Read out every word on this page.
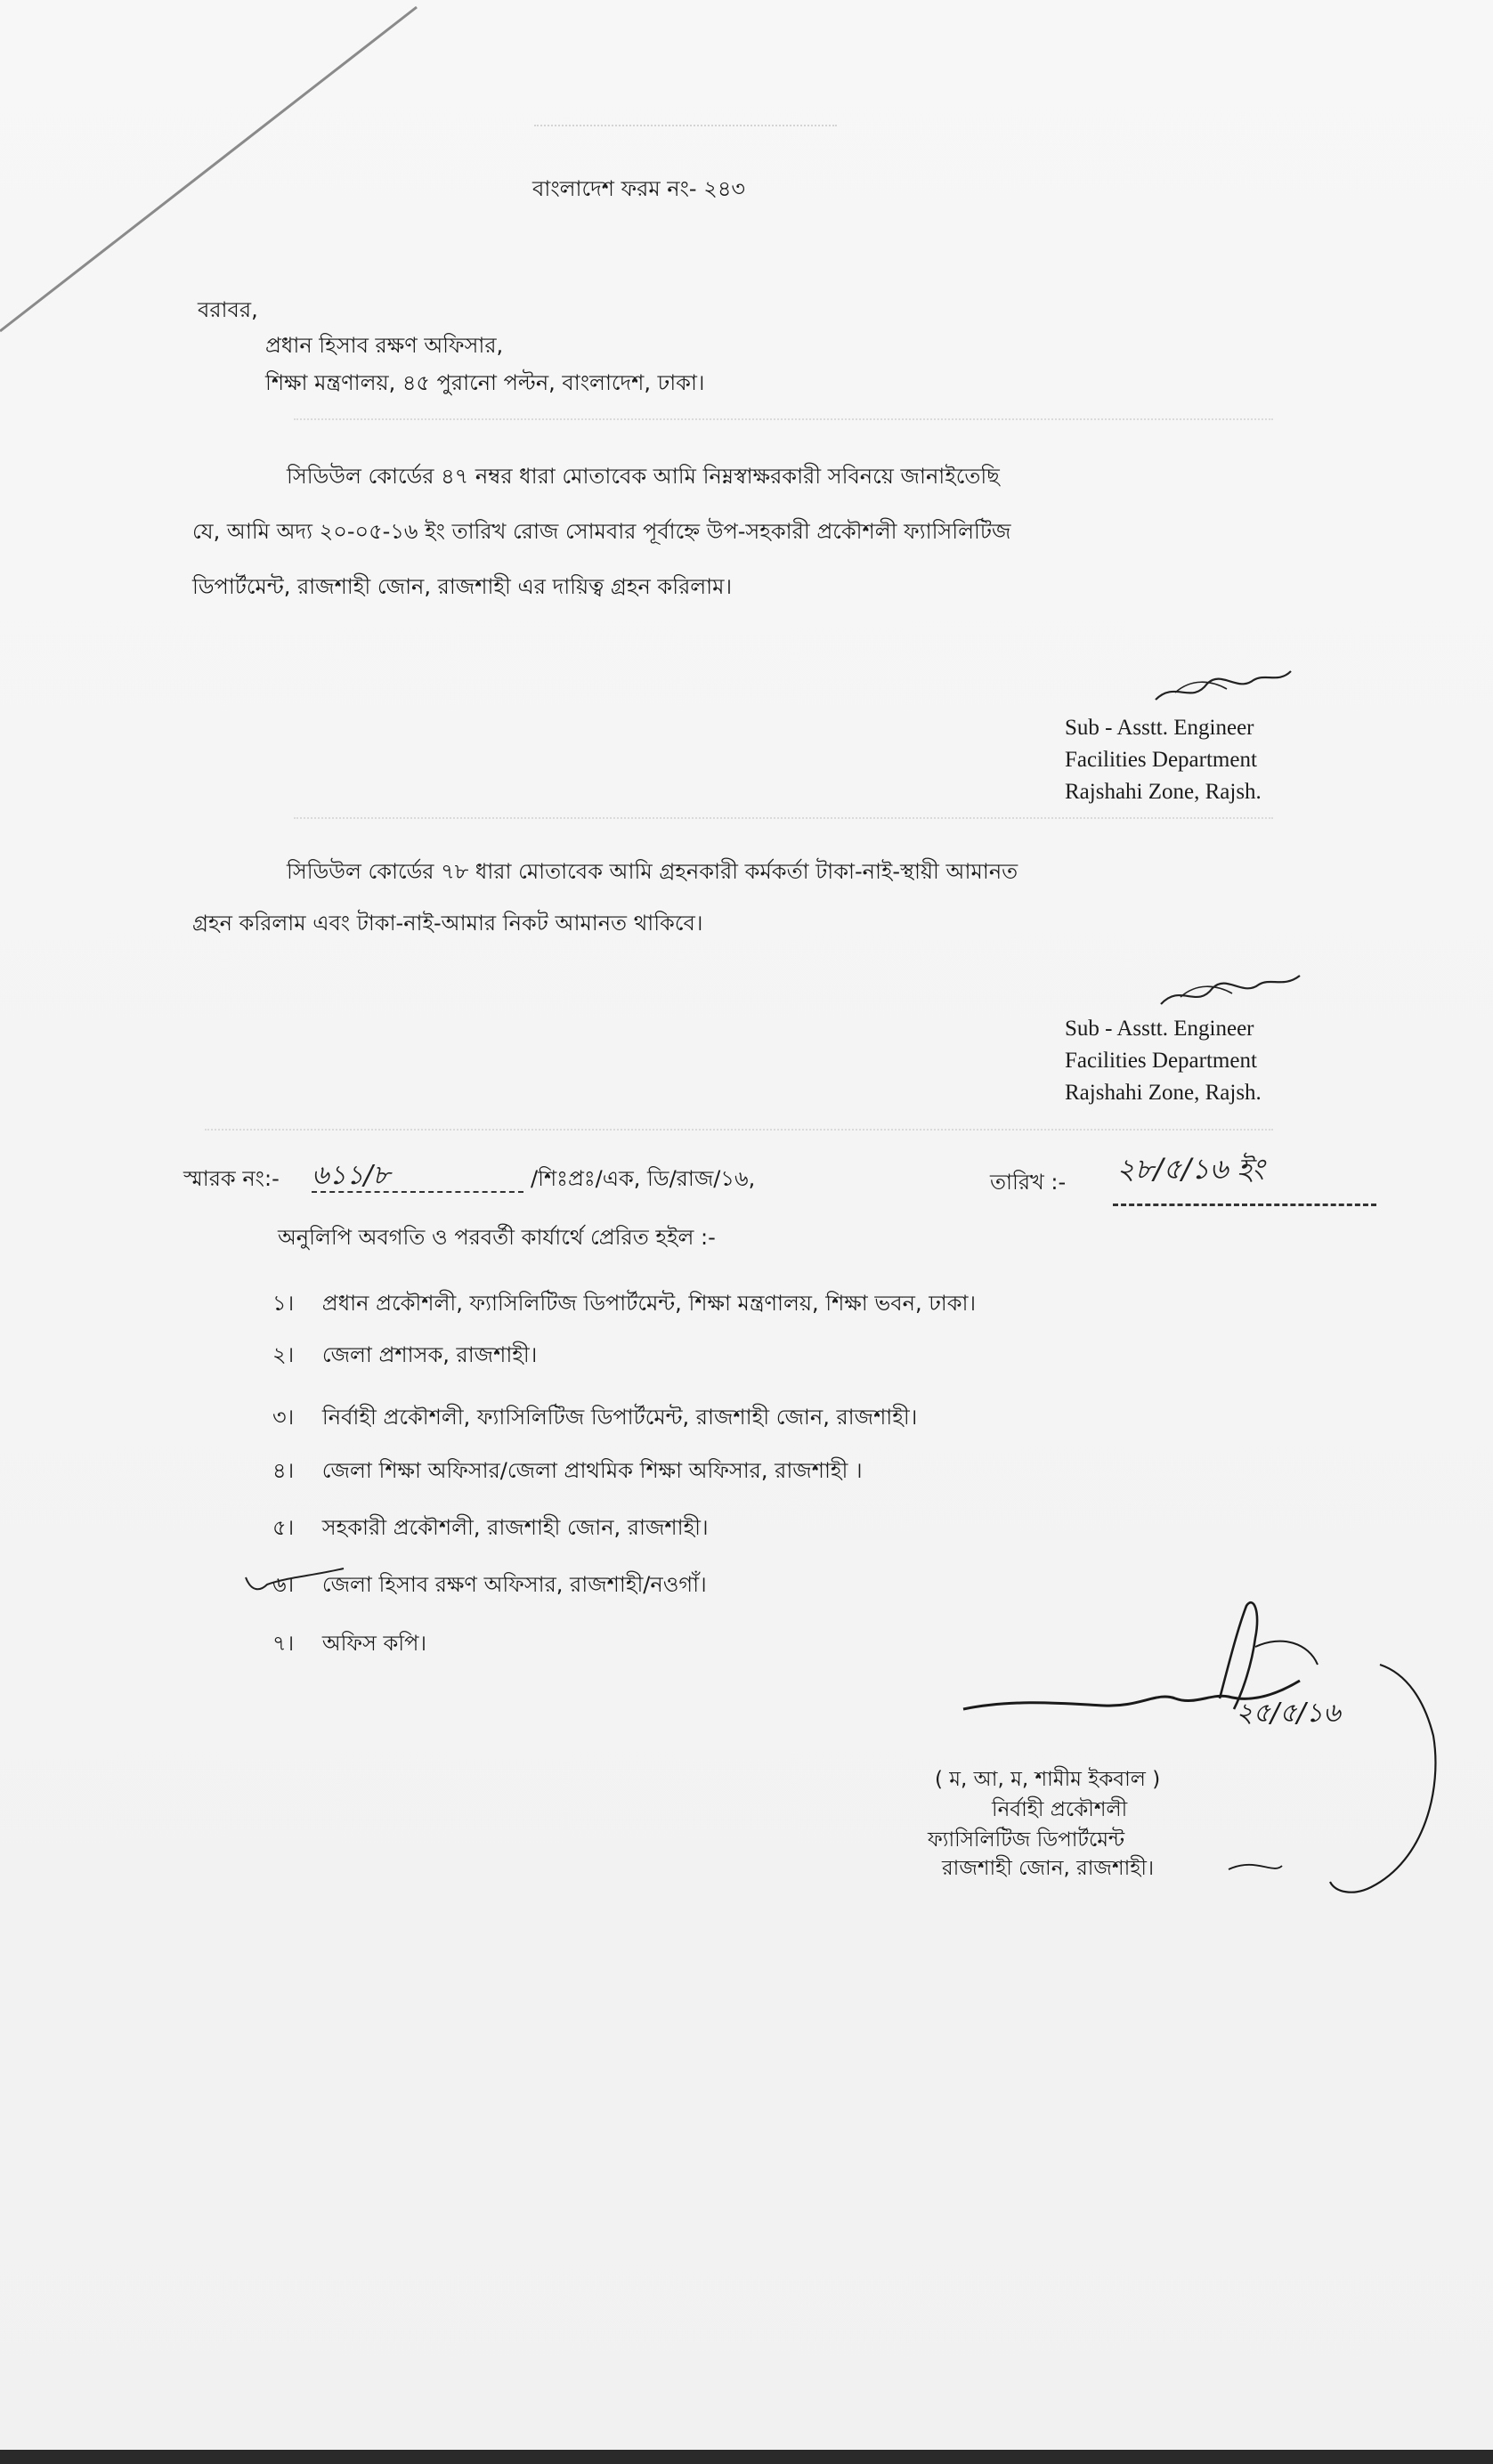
বাংলাদেশ ফরম নং- ২৪৩
বরাবর,
প্রধান হিসাব রক্ষণ অফিসার,
শিক্ষা মন্ত্রণালয়, ৪৫ পুরানো পল্টন, বাংলাদেশ, ঢাকা।
সিডিউল কোর্ডের ৪৭ নম্বর ধারা মোতাবেক আমি নিম্নস্বাক্ষরকারী সবিনয়ে জানাইতেছি
যে, আমি অদ্য ২০-০৫-১৬ ইং তারিখ রোজ সোমবার পূর্বাহ্নে উপ-সহকারী প্রকৌশলী ফ্যাসিলিটিজ
ডিপার্টমেন্ট, রাজশাহী জোন, রাজশাহী এর দায়িত্ব গ্রহন করিলাম।
Sub - Asstt. Engineer
Facilities Department
Rajshahi Zone, Rajsh.
সিডিউল কোর্ডের ৭৮ ধারা মোতাবেক আমি গ্রহনকারী কর্মকর্তা টাকা-নাই-স্থায়ী আমানত
গ্রহন করিলাম এবং টাকা-নাই-আমার নিকট আমানত থাকিবে।
Sub - Asstt. Engineer
Facilities Department
Rajshahi Zone, Rajsh.
স্মারক নং:- ৬১১/৮	/শিঃপ্রঃ/এক, ডি/রাজ/১৬,	তারিখ :- ২৮/৫/১৬ ইং
অনুলিপি অবগতি ও পরবর্তী কার্যার্থে প্রেরিত হইল :-
১। প্রধান প্রকৌশলী, ফ্যাসিলিটিজ ডিপার্টমেন্ট, শিক্ষা মন্ত্রণালয়, শিক্ষা ভবন, ঢাকা।
২। জেলা প্রশাসক, রাজশাহী।
৩। নির্বাহী প্রকৌশলী, ফ্যাসিলিটিজ ডিপার্টমেন্ট, রাজশাহী জোন, রাজশাহী।
৪। জেলা শিক্ষা অফিসার/জেলা প্রাথমিক শিক্ষা অফিসার, রাজশাহী ।
৫। সহকারী প্রকৌশলী, রাজশাহী জোন, রাজশাহী।
৬। জেলা হিসাব রক্ষণ অফিসার, রাজশাহী/নওগাঁ।
৭। অফিস কপি।
২৫/৫/১৬
( ম, আ, ম, শামীম ইকবাল )
নির্বাহী প্রকৌশলী
ফ্যাসিলিটিজ ডিপার্টমেন্ট
রাজশাহী জোন, রাজশাহী।
